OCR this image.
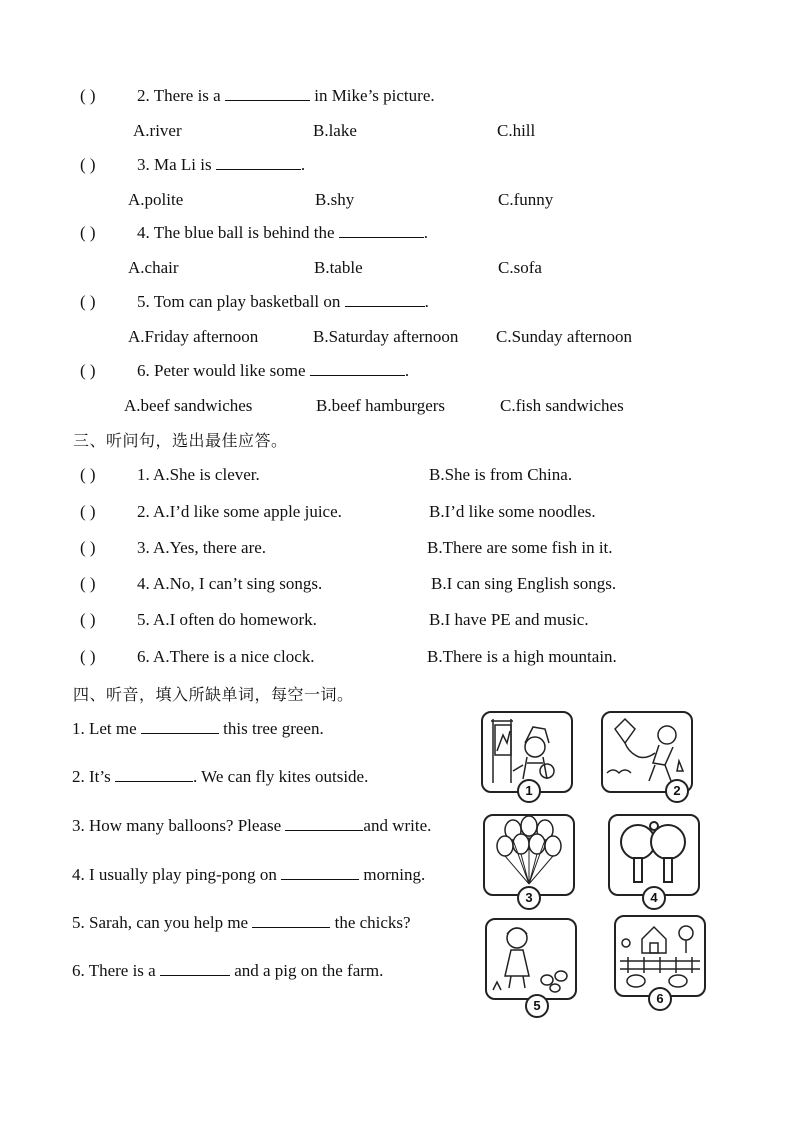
( ) 2. There is a	in Mike’s picture.
A.river	B.lake	C.hill
( ) 3. Ma Li is	.
A.polite	B.shy	C.funny
( ) 4. The blue ball is behind the	.
A.chair	B.table	C.sofa
( ) 5. Tom can play basketball on	.
A.Friday afternoon	B.Saturday afternoon C.Sunday afternoon
( ) 6. Peter would like some	.
A.beef sandwiches	B.beef hamburgers	C.fish sandwiches
三、听问句，选出最佳应答。
( ) 1. A.She is clever.	B.She is from China.
( ) 2. A.I’d like some apple juice.	B.I’d like some noodles.
( ) 3. A.Yes, there are.	B.There are some fish in it.
( ) 4. A.No, I can’t sing songs.	B.I can sing English songs.
( ) 5. A.I often do homework.	B.I have PE and music.
( ) 6. A.There is a nice clock.	B.There is a high mountain.
四、听音，填入所缺单词，每空一词。
1. Let me	this tree green.
2. It’s	. We can fly kites outside.
3. How many balloons? Please	and write.
4. I usually play ping-pong on	morning.
5. Sarah, can you help me	the chicks?
6. There is a	and a pig on the farm.
1	2
3	4
5	6
